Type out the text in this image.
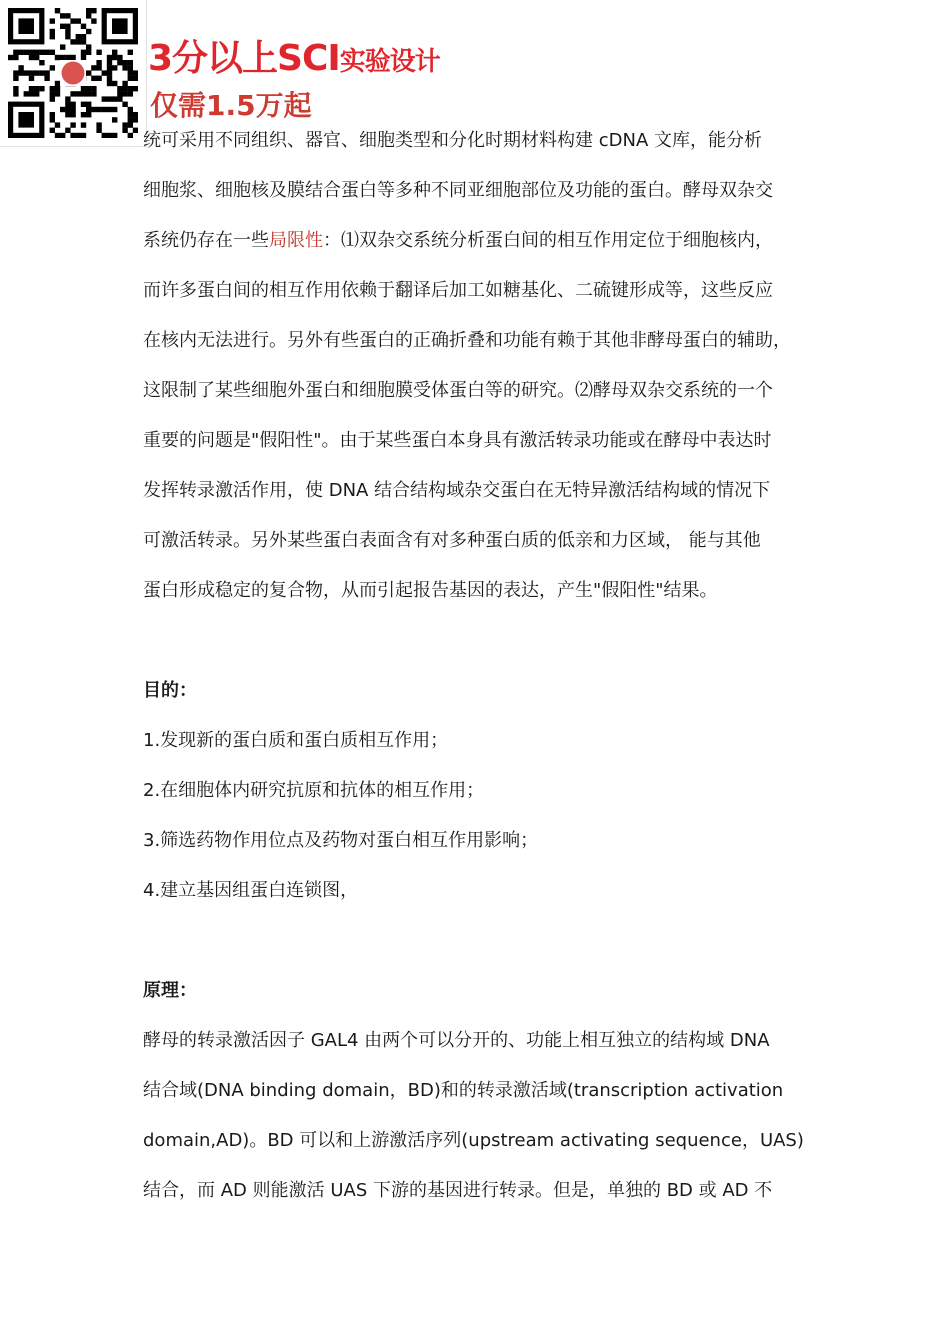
3分以上SCI实验设计
仅需1.5万起
统可采用不同组织、器官、细胞类型和分化时期材料构建 cDNA 文库，能分析
细胞浆、细胞核及膜结合蛋白等多种不同亚细胞部位及功能的蛋白。酵母双杂交
系统仍存在一些局限性：⑴双杂交系统分析蛋白间的相互作用定位于细胞核内，
而许多蛋白间的相互作用依赖于翻译后加工如糖基化、二硫键形成等，这些反应
在核内无法进行。另外有些蛋白的正确折叠和功能有赖于其他非酵母蛋白的辅助，
这限制了某些细胞外蛋白和细胞膜受体蛋白等的研究。⑵酵母双杂交系统的一个
重要的问题是"假阳性"。由于某些蛋白本身具有激活转录功能或在酵母中表达时
发挥转录激活作用，使 DNA 结合结构域杂交蛋白在无特异激活结构域的情况下
可激活转录。另外某些蛋白表面含有对多种蛋白质的低亲和力区域， 能与其他
蛋白形成稳定的复合物，从而引起报告基因的表达，产生"假阳性"结果。
目的：
1.发现新的蛋白质和蛋白质相互作用；
2.在细胞体内研究抗原和抗体的相互作用；
3.筛选药物作用位点及药物对蛋白相互作用影响；
4.建立基因组蛋白连锁图，
原理：
酵母的转录激活因子 GAL4 由两个可以分开的、功能上相互独立的结构域 DNA
结合域(DNA binding domain，BD)和的转录激活域(transcription activation
domain,AD)。BD 可以和上游激活序列(upstream activating sequence，UAS)
结合，而 AD 则能激活 UAS 下游的基因进行转录。但是，单独的 BD 或 AD 不
